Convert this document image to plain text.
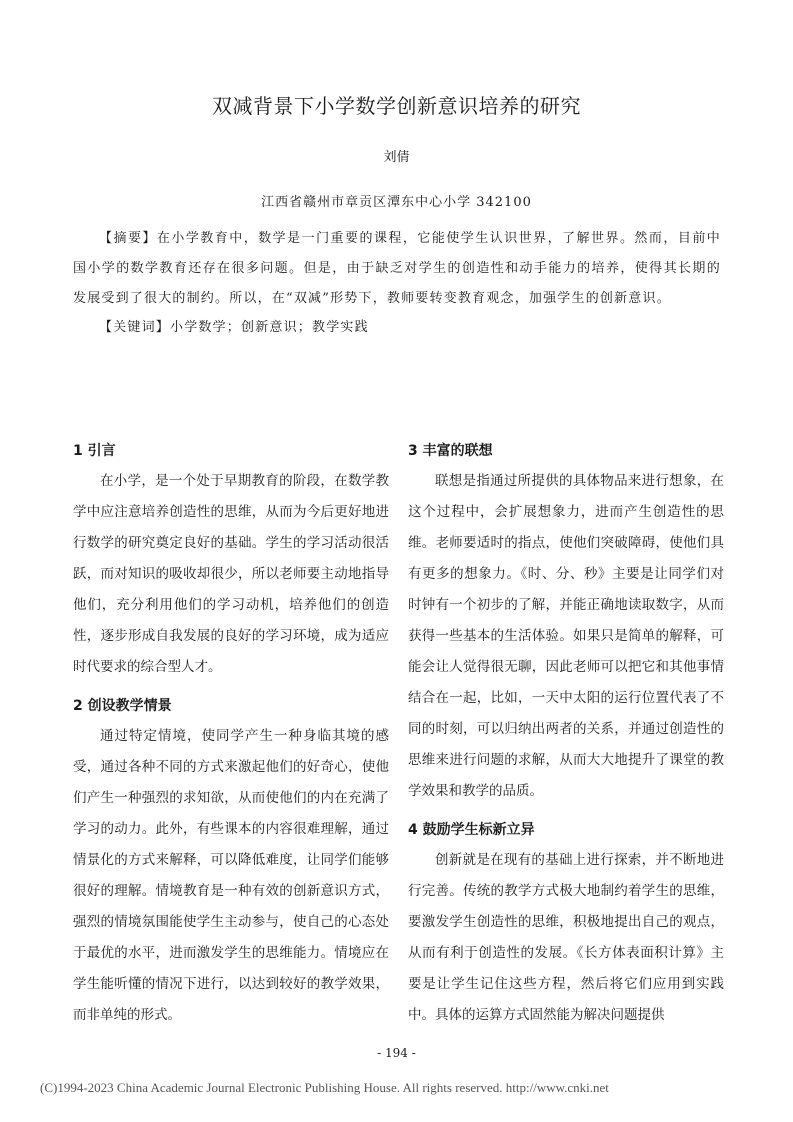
双减背景下小学数学创新意识培养的研究
刘倩
江西省赣州市章贡区潭东中心小学 342100
【摘要】在小学教育中，数学是一门重要的课程，它能使学生认识世界，了解世界。然而，目前中国小学的数学教育还存在很多问题。但是，由于缺乏对学生的创造性和动手能力的培养，使得其长期的发展受到了很大的制约。所以，在“双减”形势下，教师要转变教育观念，加强学生的创新意识。
【关键词】小学数学；创新意识；教学实践
1 引言

在小学，是一个处于早期教育的阶段，在数学教学中应注意培养创造性的思维，从而为今后更好地进行数学的研究奠定良好的基础。学生的学习活动很活跃，而对知识的吸收却很少，所以老师要主动地指导他们，充分利用他们的学习动机，培养他们的创造性，逐步形成自我发展的良好的学习环境，成为适应时代要求的综合型人才。

2 创设教学情景

通过特定情境，使同学产生一种身临其境的感受，通过各种不同的方式来激起他们的好奇心，使他们产生一种强烈的求知欲，从而使他们的内在充满了学习的动力。此外，有些课本的内容很难理解，通过情景化的方式来解释，可以降低难度，让同学们能够很好的理解。情境教育是一种有效的创新意识方式，强烈的情境氛围能使学生主动参与，使自己的心态处于最优的水平，进而激发学生的思维能力。情境应在学生能听懂的情况下进行，以达到较好的教学效果，而非单纯的形式。

3 丰富的联想

联想是指通过所提供的具体物品来进行想象，在这个过程中，会扩展想象力，进而产生创造性的思维。老师要适时的指点，使他们突破障碍，使他们具有更多的想象力。《时、分、秒》主要是让同学们对时钟有一个初步的了解，并能正确地读取数字，从而获得一些基本的生活体验。如果只是简单的解释，可能会让人觉得很无聊，因此老师可以把它和其他事情结合在一起，比如，一天中太阳的运行位置代表了不同的时刻，可以归纳出两者的关系，并通过创造性的思维来进行问题的求解，从而大大地提升了课堂的教学效果和教学的品质。

4 鼓励学生标新立异

创新就是在现有的基础上进行探索，并不断地进行完善。传统的教学方式极大地制约着学生的思维，要激发学生创造性的思维，积极地提出自己的观点，从而有利于创造性的发展。《长方体表面积计算》主要是让学生记住这些方程，然后将它们应用到实践中。具体的运算方式固然能为解决问题提供

- 194 -
(C)1994-2023 China Academic Journal Electronic Publishing House. All rights reserved. http://www.cnki.net
